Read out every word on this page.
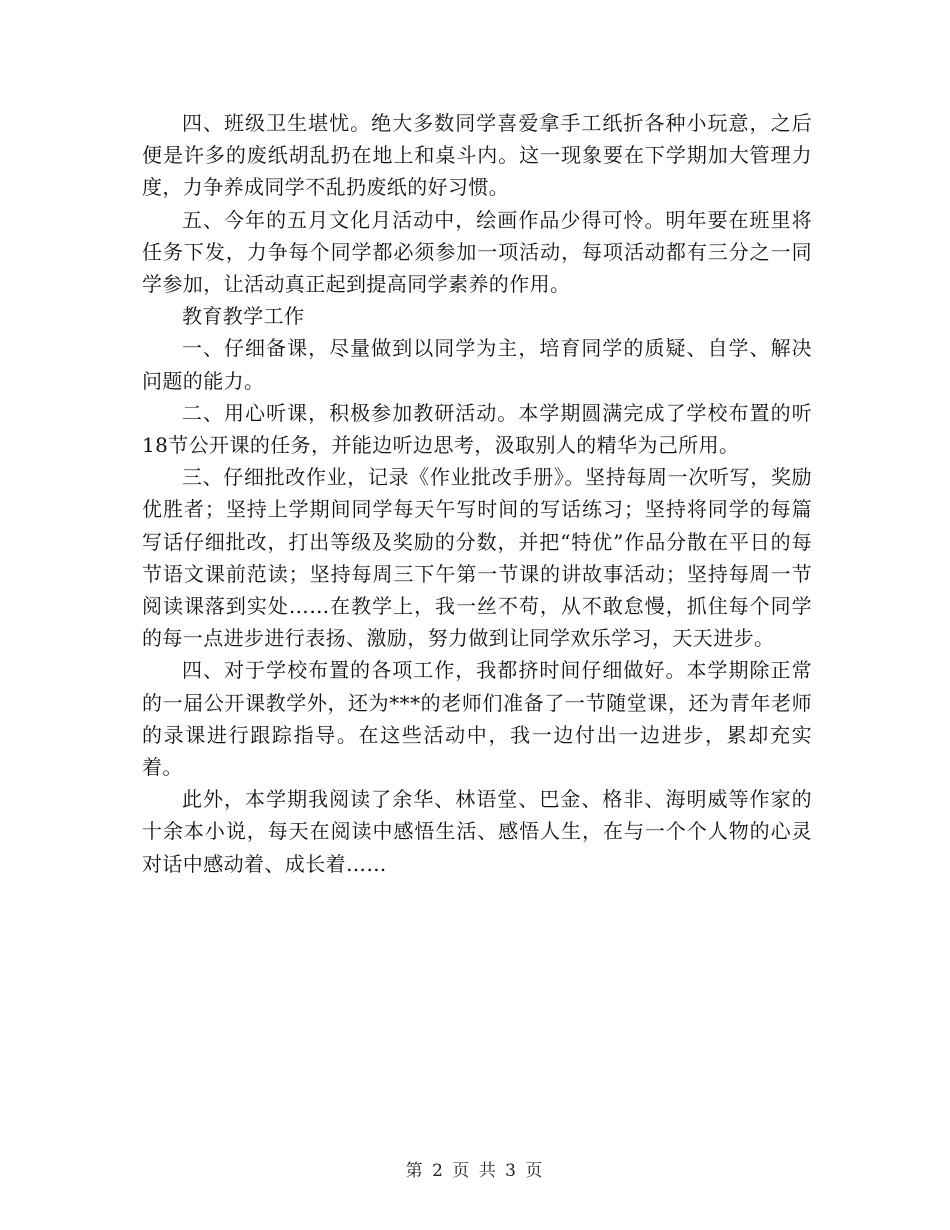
四、班级卫生堪忧。绝大多数同学喜爱拿手工纸折各种小玩意，之后便是许多的废纸胡乱扔在地上和桌斗内。这一现象要在下学期加大管理力度，力争养成同学不乱扔废纸的好习惯。

五、今年的五月文化月活动中，绘画作品少得可怜。明年要在班里将任务下发，力争每个同学都必须参加一项活动，每项活动都有三分之一同学参加，让活动真正起到提高同学素养的作用。

教育教学工作

一、仔细备课，尽量做到以同学为主，培育同学的质疑、自学、解决问题的能力。

二、用心听课，积极参加教研活动。本学期圆满完成了学校布置的听18节公开课的任务，并能边听边思考，汲取别人的精华为己所用。

三、仔细批改作业，记录《作业批改手册》。坚持每周一次听写，奖励优胜者；坚持上学期间同学每天午写时间的写话练习；坚持将同学的每篇写话仔细批改，打出等级及奖励的分数，并把“特优”作品分散在平日的每节语文课前范读；坚持每周三下午第一节课的讲故事活动；坚持每周一节阅读课落到实处……在教学上，我一丝不苟，从不敢怠慢，抓住每个同学的每一点进步进行表扬、激励，努力做到让同学欢乐学习，天天进步。

四、对于学校布置的各项工作，我都挤时间仔细做好。本学期除正常的一届公开课教学外，还为***的老师们准备了一节随堂课，还为青年老师的录课进行跟踪指导。在这些活动中，我一边付出一边进步，累却充实着。

此外，本学期我阅读了余华、林语堂、巴金、格非、海明威等作家的十余本小说，每天在阅读中感悟生活、感悟人生，在与一个个人物的心灵对话中感动着、成长着……

第 2 页 共 3 页
